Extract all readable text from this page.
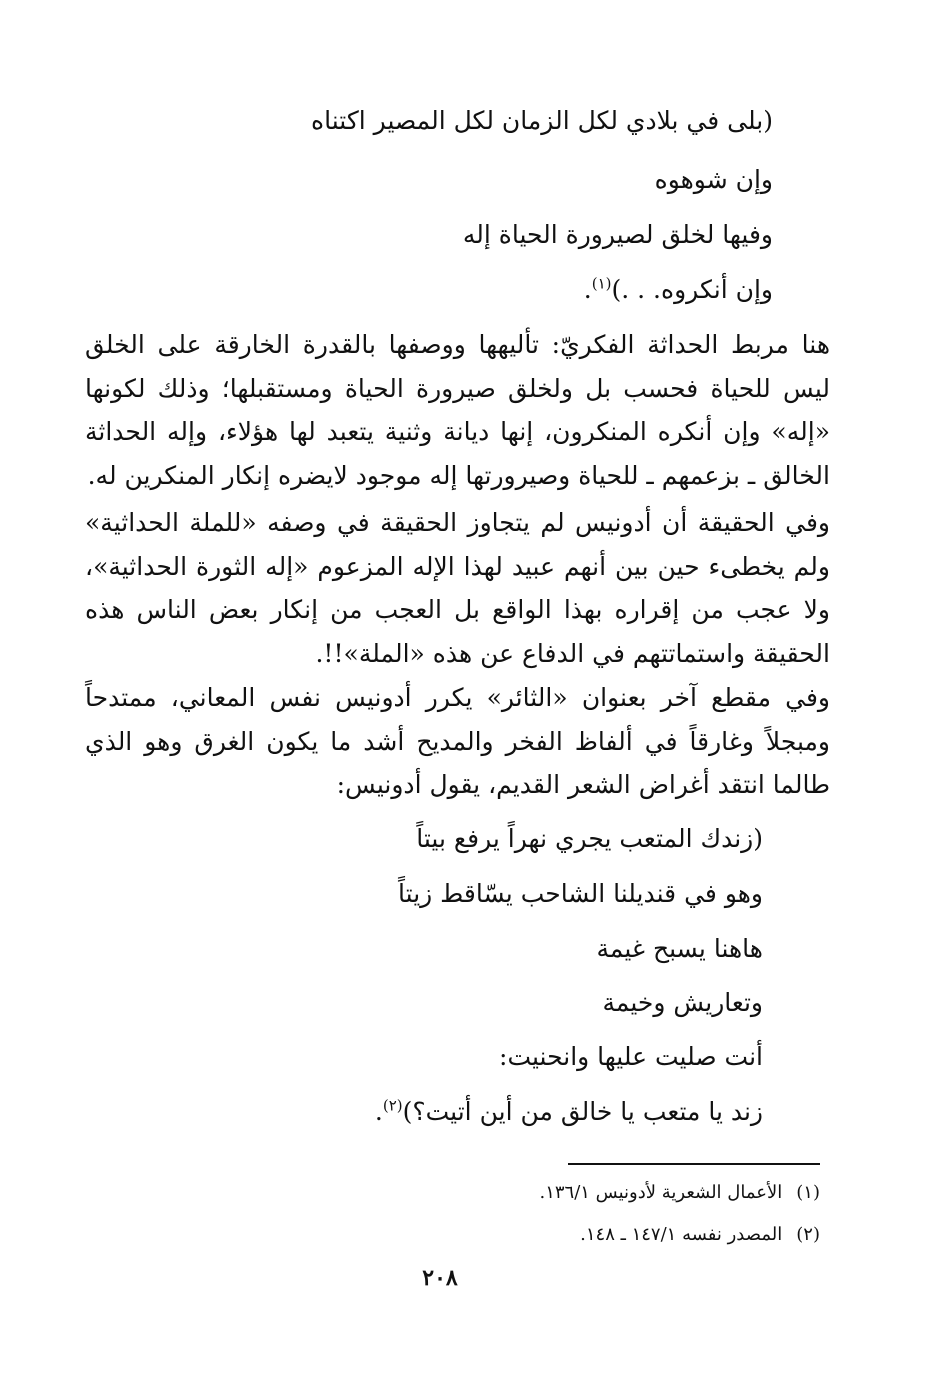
(بلى في بلادي لكل الزمان لكل المصير اكتناه
وإن شوهوه
وفيها لخلق لصيرورة الحياة إله
وإن أنكروه. . .)$^{(١)}$.

هنا مربط الحداثة الفكريّ: تأليهها ووصفها بالقدرة الخارقة على الخلق ليس للحياة فحسب بل ولخلق صيرورة الحياة ومستقبلها؛ وذلك لكونها «إله» وإن أنكره المنكرون، إنها ديانة وثنية يتعبد لها هؤلاء، وإله الحداثة الخالق ـ بزعمهم ـ للحياة وصيرورتها إله موجود لايضره إنكار المنكرين له.

وفي الحقيقة أن أدونيس لم يتجاوز الحقيقة في وصفه «للملة الحداثية» ولم يخطىء حين بين أنهم عبيد لهذا الإله المزعوم «إله الثورة الحداثية»، ولا عجب من إقراره بهذا الواقع بل العجب من إنكار بعض الناس هذه الحقيقة واستماتتهم في الدفاع عن هذه «الملة»!!.

وفي مقطع آخر بعنوان «الثائر» يكرر أدونيس نفس المعاني، ممتدحاً ومبجلاً وغارقاً في ألفاظ الفخر والمديح أشد ما يكون الغرق وهو الذي طالما انتقد أغراض الشعر القديم، يقول أدونيس:

(زندك المتعب يجري نهراً يرفع بيتاً
وهو في قنديلنا الشاحب يسّاقط زيتاً
هاهنا يسبح غيمة
وتعاريش وخيمة
أنت صليت عليها وانحنيت:
زند يا متعب يا خالق من أين أتيت؟)$^{(٢)}$.
(١)الأعمال الشعرية لأدونيس ١٣٦/١.
(٢)المصدر نفسه ١٤٧/١ ـ ١٤٨.
٢٠٨
